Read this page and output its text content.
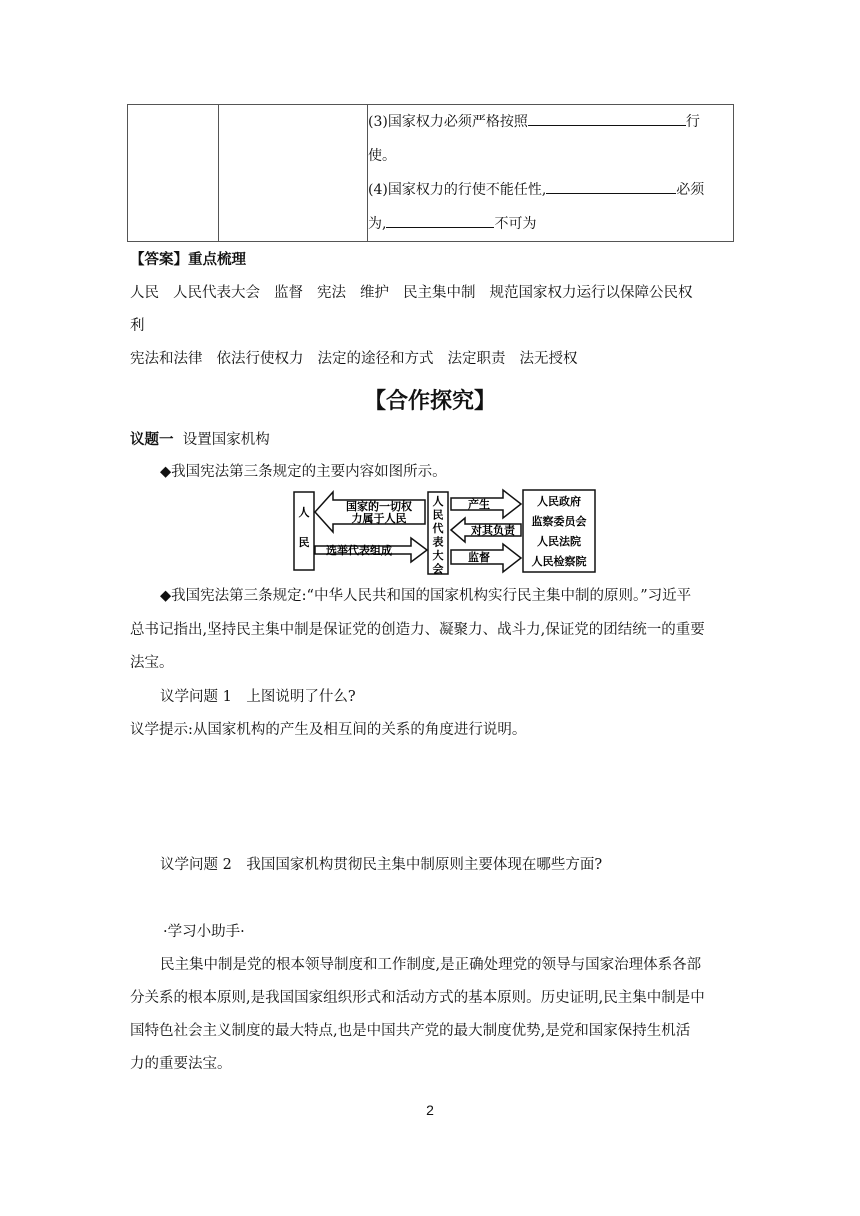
(3)国家权力必须严格按照	行
使。
(4)国家权力的行使不能任性,	必须
为,	不可为
【答案】重点梳理
人民 人民代表大会 监督 宪法 维护 民主集中制 规范国家权力运行以保障公民权
利
宪法和法律 依法行使权力 法定的途径和方式 法定职责 法无授权
【合作探究】
议题一 设置国家机构
◆我国宪法第三条规定的主要内容如图所示。
人
民
国家的一切权
力属于人民
选举代表组成
人
民
代
表
大
会
产生
对其负责
监督
人民政府
监察委员会
人民法院
人民检察院
◆我国宪法第三条规定:“中华人民共和国的国家机构实行民主集中制的原则。”习近平
总书记指出,坚持民主集中制是保证党的创造力、凝聚力、战斗力,保证党的团结统一的重要
法宝。
议学问题 1　上图说明了什么?
议学提示:从国家机构的产生及相互间的关系的角度进行说明。
议学问题 2　我国国家机构贯彻民主集中制原则主要体现在哪些方面?
·学习小助手·
民主集中制是党的根本领导制度和工作制度,是正确处理党的领导与国家治理体系各部
分关系的根本原则,是我国国家组织形式和活动方式的基本原则。历史证明,民主集中制是中
国特色社会主义制度的最大特点,也是中国共产党的最大制度优势,是党和国家保持生机活
力的重要法宝。
2
